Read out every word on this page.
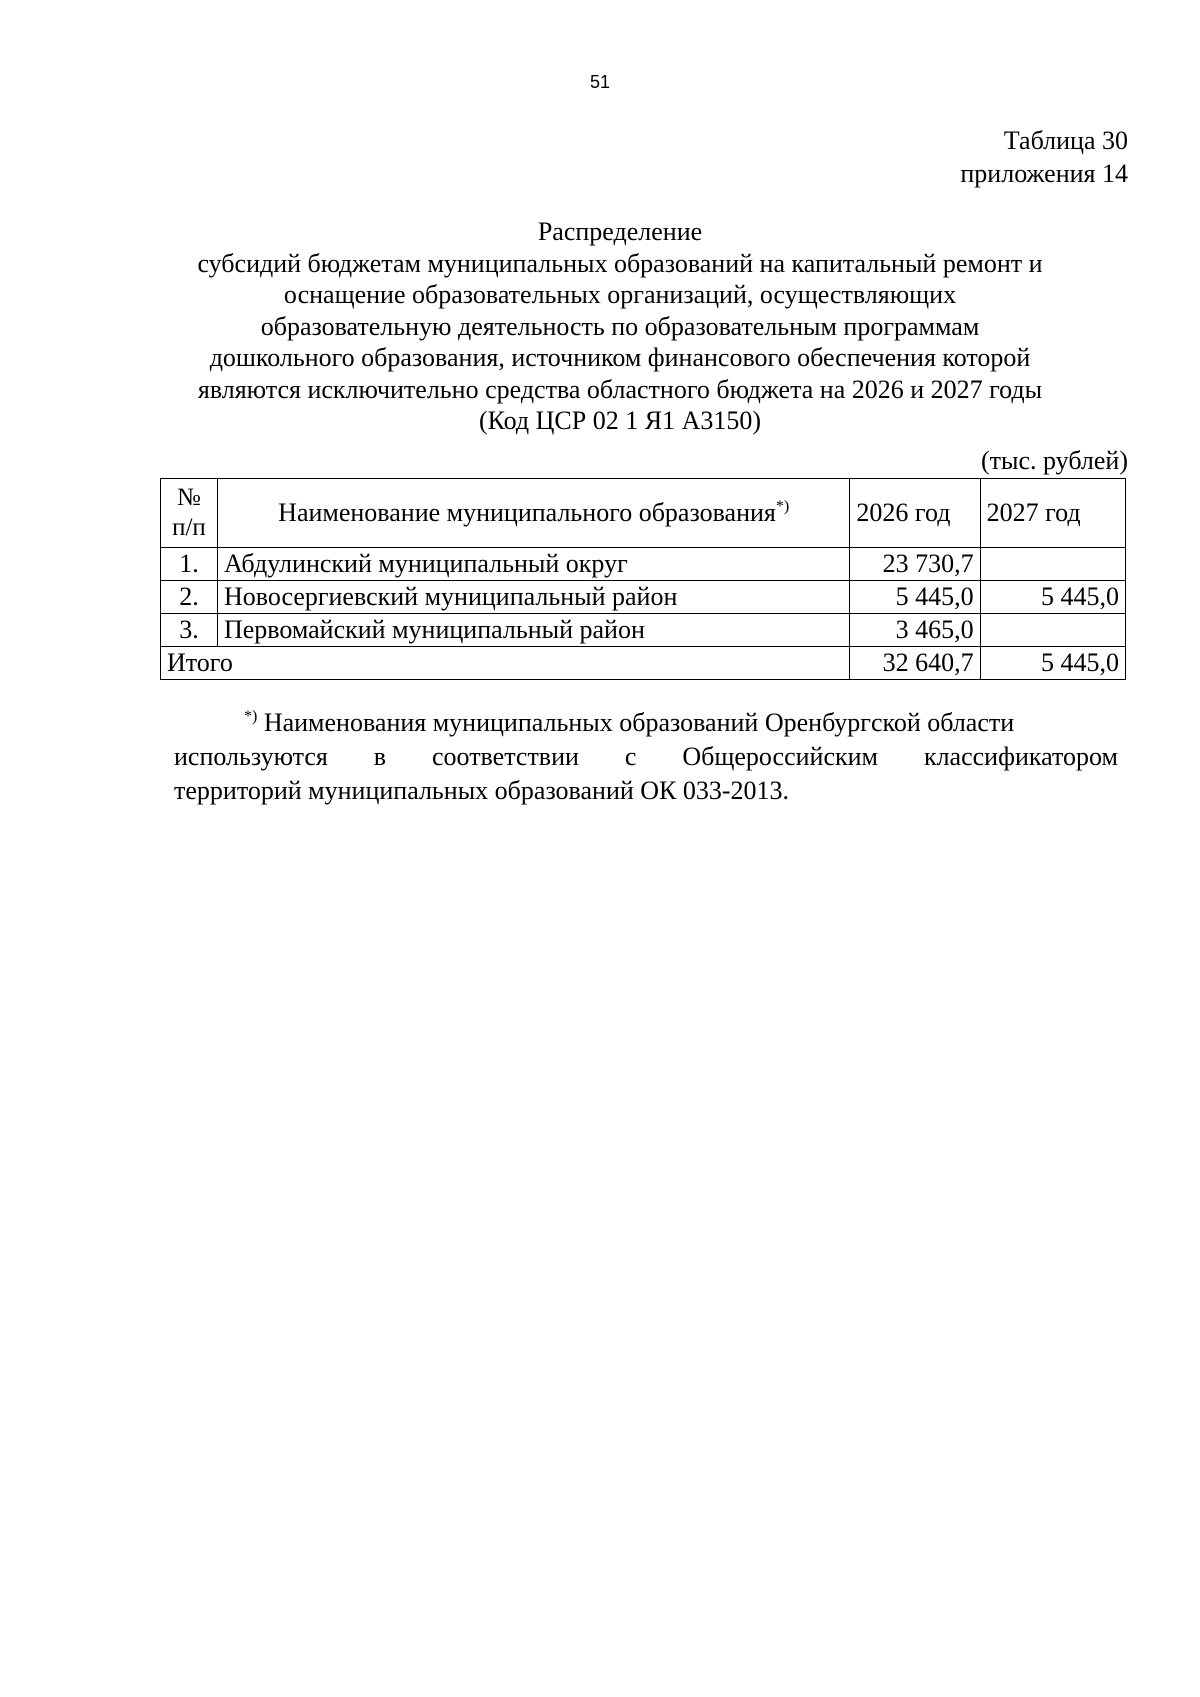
51
Таблица 30
приложения 14
Распределение
субсидий бюджетам муниципальных образований на капитальный ремонт и
оснащение образовательных организаций, осуществляющих
образовательную деятельность по образовательным программам
дошкольного образования, источником финансового обеспечения которой
являются исключительно средства областного бюджета на 2026 и 2027 годы
(Код ЦСР 02 1 Я1 А3150)
(тыс. рублей)
№
п/п	Наименование муниципального образования*)	2026 год	2027 год
1.	Абдулинский муниципальный округ	23 730,7	
2.	Новосергиевский муниципальный район	5 445,0	5 445,0
3.	Первомайский муниципальный район	3 465,0	
Итого		32 640,7	5 445,0
*) Наименования муниципальных образований Оренбургской области
используются в соответствии с Общероссийским классификатором
территорий муниципальных образований ОК 033-2013.
